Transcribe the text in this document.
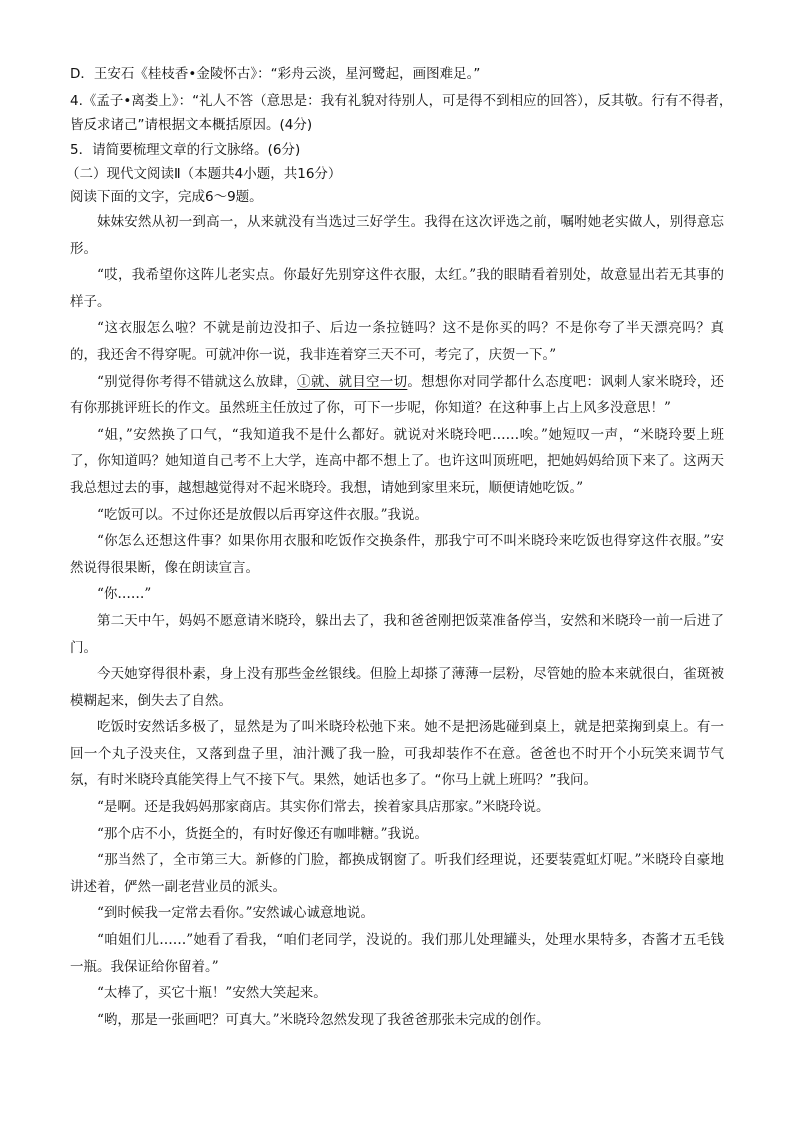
D．王安石《桂枝香•金陵怀古》：“彩舟云淡，星河鹭起，画图难足。”

4.《孟子•离娄上》：“礼人不答（意思是：我有礼貌对待别人，可是得不到相应的回答），反其敬。行有不得者，皆反求诸己”请根据文本概括原因。(4分)

5．请简要梳理文章的行文脉络。(6分)

（二）现代文阅读Ⅱ（本题共4小题，共16分）

阅读下面的文字，完成6～9题。

妹妹安然从初一到高一，从来就没有当选过三好学生。我得在这次评选之前，嘱咐她老实做人，别得意忘形。

“哎，我希望你这阵儿老实点。你最好先别穿这件衣服，太红。”我的眼睛看着别处，故意显出若无其事的样子。

“这衣服怎么啦？不就是前边没扣子、后边一条拉链吗？这不是你买的吗？不是你夸了半天漂亮吗？真的，我还舍不得穿呢。可就冲你一说，我非连着穿三天不可，考完了，庆贺一下。”

“别觉得你考得不错就这么放肆，①就、就目空一切。想想你对同学都什么态度吧：讽刺人家米晓玲，还有你那挑评班长的作文。虽然班主任放过了你，可下一步呢，你知道？在这种事上占上风多没意思！”

“姐，”安然换了口气，“我知道我不是什么都好。就说对米晓玲吧……唉。”她短叹一声，“米晓玲要上班了，你知道吗？她知道自己考不上大学，连高中都不想上了。也许这叫顶班吧，把她妈妈给顶下来了。这两天我总想过去的事，越想越觉得对不起米晓玲。我想，请她到家里来玩，顺便请她吃饭。”

“吃饭可以。不过你还是放假以后再穿这件衣服。”我说。

“你怎么还想这件事？如果你用衣服和吃饭作交换条件，那我宁可不叫米晓玲来吃饭也得穿这件衣服。”安然说得很果断，像在朗读宣言。

“你……”

第二天中午，妈妈不愿意请米晓玲，躲出去了，我和爸爸刚把饭菜准备停当，安然和米晓玲一前一后进了门。

今天她穿得很朴素，身上没有那些金丝银线。但脸上却搽了薄薄一层粉，尽管她的脸本来就很白，雀斑被模糊起来，倒失去了自然。

吃饭时安然话多极了，显然是为了叫米晓玲松弛下来。她不是把汤匙碰到桌上，就是把菜掬到桌上。有一回一个丸子没夹住，又落到盘子里，油汁溅了我一脸，可我却装作不在意。爸爸也不时开个小玩笑来调节气氛，有时米晓玲真能笑得上气不接下气。果然，她话也多了。“你马上就上班吗？”我问。

“是啊。还是我妈妈那家商店。其实你们常去，挨着家具店那家。”米晓玲说。

“那个店不小，货挺全的，有时好像还有咖啡糖。”我说。

“那当然了，全市第三大。新修的门脸，都换成钢窗了。听我们经理说，还要装霓虹灯呢。”米晓玲自豪地讲述着，俨然一副老营业员的派头。

“到时候我一定常去看你。”安然诚心诚意地说。

“咱姐们儿……”她看了看我，“咱们老同学，没说的。我们那儿处理罐头，处理水果特多，杏酱才五毛钱一瓶。我保证给你留着。”

“太棒了，买它十瓶！”安然大笑起来。

“哟，那是一张画吧？可真大。”米晓玲忽然发现了我爸爸那张未完成的创作。
